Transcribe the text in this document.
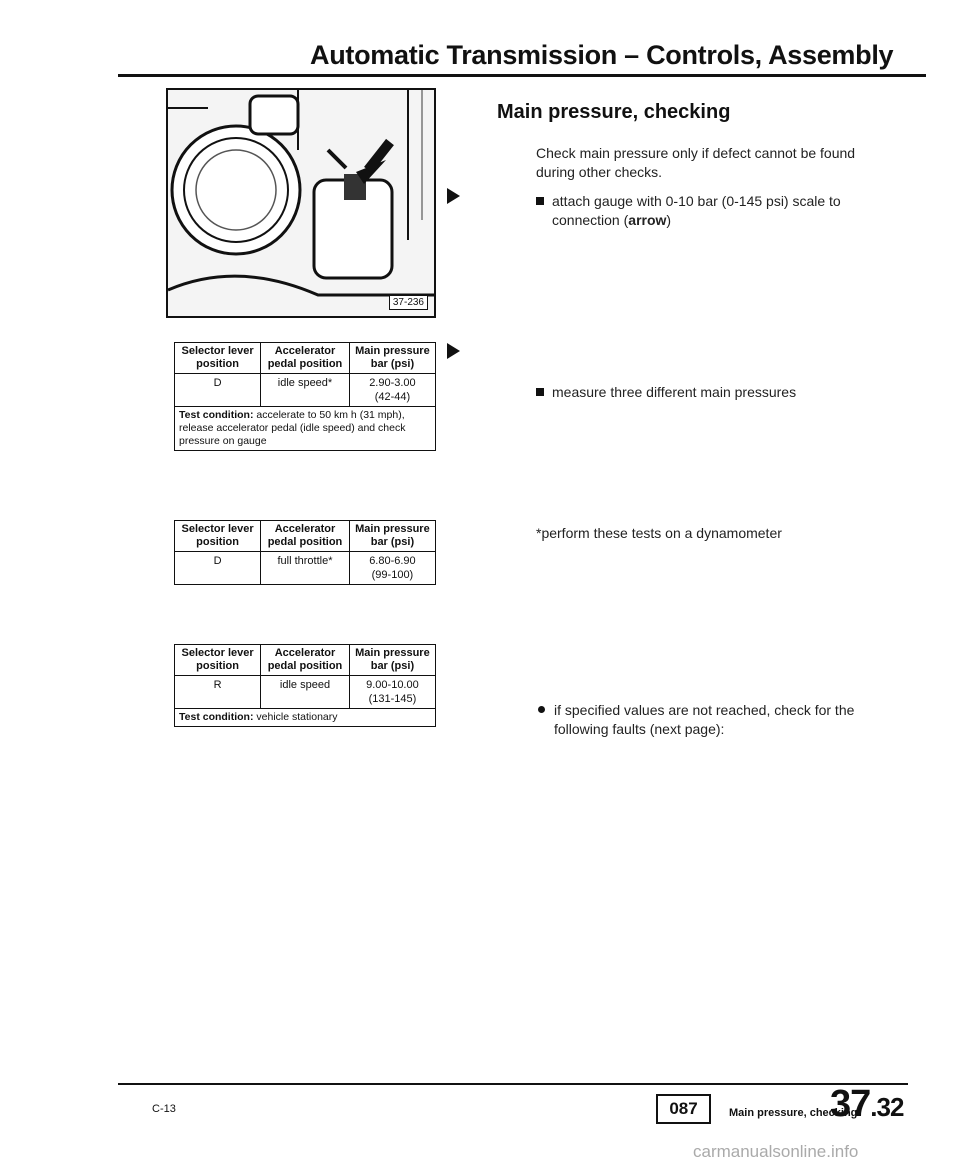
Automatic Transmission – Controls, Assembly
37-236
Main pressure, checking
Check main pressure only if defect cannot be found during other checks.
attach gauge with 0-10 bar (0-145 psi) scale to connection (arrow)
measure three different main pressures
*perform these tests on a dynamometer
if specified values are not reached, check for the following faults (next page):
Selector lever position	Accelerator pedal position	Main pressure bar (psi)
D	idle speed*	2.90-3.00
(42-44)
Test condition: accelerate to 50 km h (31 mph), release accelerator pedal (idle speed) and check pressure on gauge		
Selector lever position	Accelerator pedal position	Main pressure bar (psi)
D	full throttle*	6.80-6.90
(99-100)
Selector lever position	Accelerator pedal position	Main pressure bar (psi)
R	idle speed	9.00-10.00
(131-145)
Test condition: vehicle stationary		
C-13	087	Main pressure, checking
37.32
carmanualsonline.info
